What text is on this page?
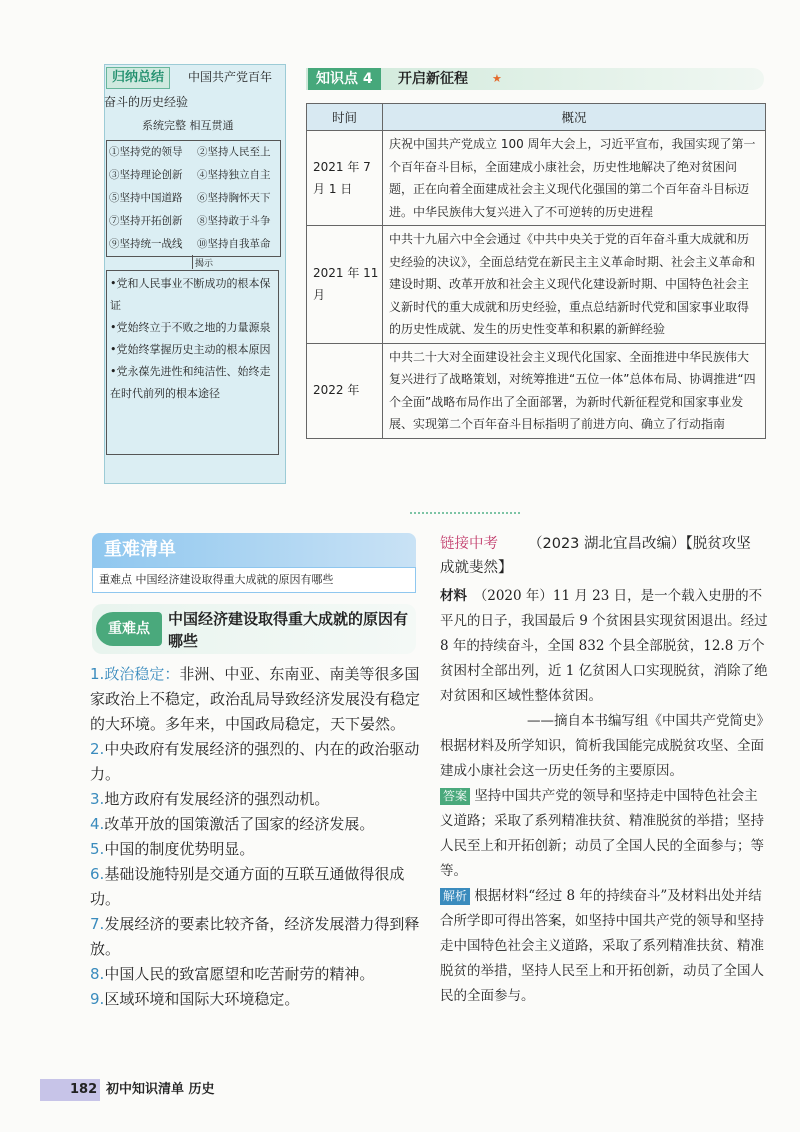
归纳总结	中国共产党百年
奋斗的历史经验
系统完整 相互贯通
①坚持党的领导 ②坚持人民至上
③坚持理论创新 ④坚持独立自主
⑤坚持中国道路 ⑥坚持胸怀天下
⑦坚持开拓创新 ⑧坚持敢于斗争
⑨坚持统一战线 ⑩坚持自我革命
揭示

•党和人民事业不断成功的根本保证

•党始终立于不败之地的力量源泉

•党始终掌握历史主动的根本原因

•党永葆先进性和纯洁性、始终走在时代前列的根本途径

知识点 4	开启新征程 ★
时间	概况
2021 年 7 月 1 日	庆祝中国共产党成立 100 周年大会上，习近平宣布，我国实现了第一个百年奋斗目标，全面建成小康社会，历史性地解决了绝对贫困问题，正在向着全面建成社会主义现代化强国的第二个百年奋斗目标迈进。中华民族伟大复兴进入了不可逆转的历史进程
2021 年 11 月	中共十九届六中全会通过《中共中央关于党的百年奋斗重大成就和历史经验的决议》，全面总结党在新民主主义革命时期、社会主义革命和建设时期、改革开放和社会主义现代化建设新时期、中国特色社会主义新时代的重大成就和历史经验，重点总结新时代党和国家事业取得的历史性成就、发生的历史性变革和积累的新鲜经验
2022 年	中共二十大对全面建设社会主义现代化国家、全面推进中华民族伟大复兴进行了战略策划，对统筹推进“五位一体”总体布局、协调推进“四个全面”战略布局作出了全面部署，为新时代新征程党和国家事业发展、实现第二个百年奋斗目标指明了前进方向、确立了行动指南
重难清单
重难点 中国经济建设取得重大成就的原因有哪些
重难点
中国经济建设取得重大成就的原因有哪些

1.政治稳定：非洲、中亚、东南亚、南美等很多国家政治上不稳定，政治乱局导致经济发展没有稳定的大环境。多年来，中国政局稳定，天下晏然。

2.中央政府有发展经济的强烈的、内在的政治驱动力。

3.地方政府有发展经济的强烈动机。

4.改革开放的国策激活了国家的经济发展。

5.中国的制度优势明显。

6.基础设施特别是交通方面的互联互通做得很成功。

7.发展经济的要素比较齐备，经济发展潜力得到释放。

8.中国人民的致富愿望和吃苦耐劳的精神。

9.区域环境和国际大环境稳定。

链接中考 （2023 湖北宜昌改编）【脱贫攻坚
成就斐然】

材料　 （2020 年）11 月 23 日，是一个载入史册的不平凡的日子，我国最后 9 个贫困县实现贫困退出。经过 8 年的持续奋斗，全国 832 个县全部脱贫，12.8 万个贫困村全部出列，近 1 亿贫困人口实现脱贫，消除了绝对贫困和区域性整体贫困。

——摘自本书编写组《中国共产党简史》

根据材料及所学知识，简析我国能完成脱贫攻坚、全面建成小康社会这一历史任务的主要原因。

答案 坚持中国共产党的领导和坚持走中国特色社会主义道路；采取了系列精准扶贫、精准脱贫的举措；坚持人民至上和开拓创新；动员了全国人民的全面参与；等等。

解析 根据材料“经过 8 年的持续奋斗”及材料出处并结合所学即可得出答案，如坚持中国共产党的领导和坚持走中国特色社会主义道路，采取了系列精准扶贫、精准脱贫的举措，坚持人民至上和开拓创新，动员了全国人民的全面参与。

182 初中知识清单 历史
